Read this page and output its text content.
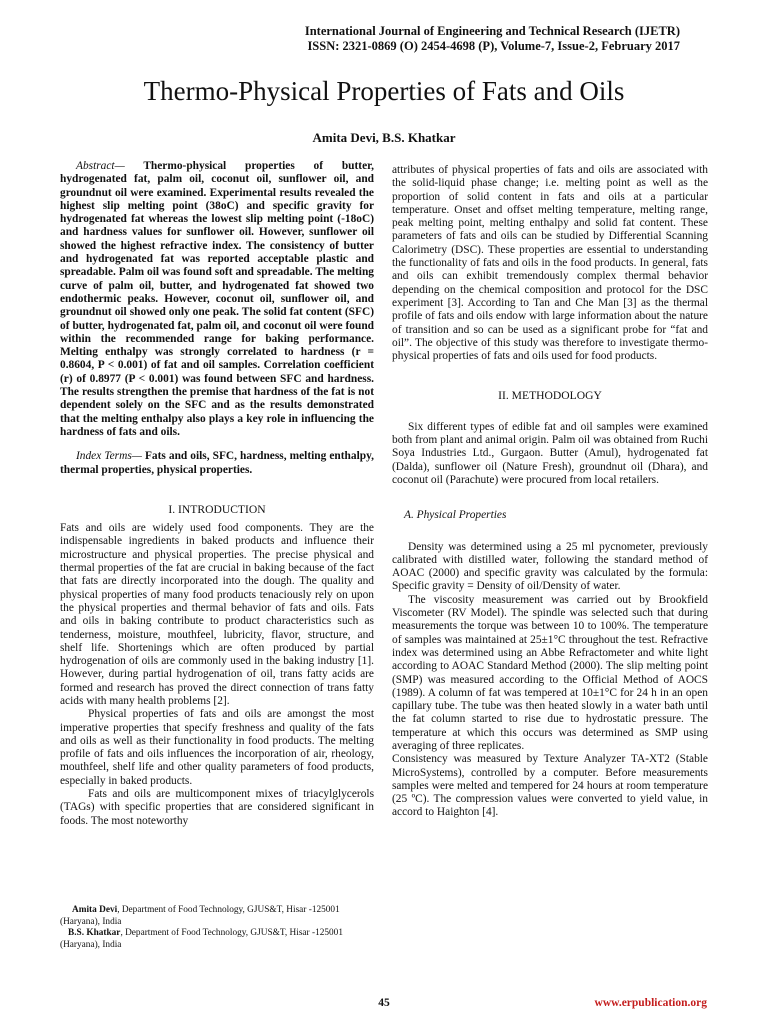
International Journal of Engineering and Technical Research (IJETR)
ISSN: 2321-0869 (O) 2454-4698 (P), Volume-7, Issue-2, February 2017
Thermo-Physical Properties of Fats and Oils
Amita Devi, B.S. Khatkar

Abstract— Thermo-physical properties of butter, hydrogenated fat, palm oil, coconut oil, sunflower oil, and groundnut oil were examined. Experimental results revealed the highest slip melting point (38oC) and specific gravity for hydrogenated fat whereas the lowest slip melting point (-18oC) and hardness values for sunflower oil. However, sunflower oil showed the highest refractive index. The consistency of butter and hydrogenated fat was reported acceptable plastic and spreadable. Palm oil was found soft and spreadable. The melting curve of palm oil, butter, and hydrogenated fat showed two endothermic peaks. However, coconut oil, sunflower oil, and groundnut oil showed only one peak. The solid fat content (SFC) of butter, hydrogenated fat, palm oil, and coconut oil were found within the recommended range for baking performance. Melting enthalpy was strongly correlated to hardness (r = 0.8604, P < 0.001) of fat and oil samples. Correlation coefficient (r) of 0.8977 (P < 0.001) was found between SFC and hardness. The results strengthen the premise that hardness of the fat is not dependent solely on the SFC and as the results demonstrated that the melting enthalpy also plays a key role in influencing the hardness of fats and oils.

Index Terms— Fats and oils, SFC, hardness, melting enthalpy, thermal properties, physical properties.

I. INTRODUCTION

Fats and oils are widely used food components. They are the indispensable ingredients in baked products and influence their microstructure and physical properties. The precise physical and thermal properties of the fat are crucial in baking because of the fact that fats are directly incorporated into the dough. The quality and physical properties of many food products tenaciously rely on upon the physical properties and thermal behavior of fats and oils. Fats and oils in baking contribute to product characteristics such as tenderness, moisture, mouthfeel, lubricity, flavor, structure, and shelf life. Shortenings which are often produced by partial hydrogenation of oils are commonly used in the baking industry [1]. However, during partial hydrogenation of oil, trans fatty acids are formed and research has proved the direct connection of trans fatty acids with many health problems [2].

Physical properties of fats and oils are amongst the most imperative properties that specify freshness and quality of the fats and oils as well as their functionality in food products. The melting profile of fats and oils influences the incorporation of air, rheology, mouthfeel, shelf life and other quality parameters of food products, especially in baked products.

Fats and oils are multicomponent mixes of triacylglycerols (TAGs) with specific properties that are considered significant in foods. The most noteworthy

attributes of physical properties of fats and oils are associated with the solid-liquid phase change; i.e. melting point as well as the proportion of solid content in fats and oils at a particular temperature. Onset and offset melting temperature, melting range, peak melting point, melting enthalpy and solid fat content. These parameters of fats and oils can be studied by Differential Scanning Calorimetry (DSC). These properties are essential to understanding the functionality of fats and oils in the food products. In general, fats and oils can exhibit tremendously complex thermal behavior depending on the chemical composition and protocol for the DSC experiment [3]. According to Tan and Che Man [3] as the thermal profile of fats and oils endow with large information about the nature of transition and so can be used as a significant probe for “fat and oil”. The objective of this study was therefore to investigate thermo-physical properties of fats and oils used for food products.

II. METHODOLOGY

Six different types of edible fat and oil samples were examined both from plant and animal origin. Palm oil was obtained from Ruchi Soya Industries Ltd., Gurgaon. Butter (Amul), hydrogenated fat (Dalda), sunflower oil (Nature Fresh), groundnut oil (Dhara), and coconut oil (Parachute) were procured from local retailers.

A. Physical Properties

Density was determined using a 25 ml pycnometer, previously calibrated with distilled water, following the standard method of AOAC (2000) and specific gravity was calculated by the formula: Specific gravity = Density of oil/Density of water.

The viscosity measurement was carried out by Brookfield Viscometer (RV Model). The spindle was selected such that during measurements the torque was between 10 to 100%. The temperature of samples was maintained at 25±1°C throughout the test. Refractive index was determined using an Abbe Refractometer and white light according to AOAC Standard Method (2000). The slip melting point (SMP) was measured according to the Official Method of AOCS (1989). A column of fat was tempered at 10±1°C for 24 h in an open capillary tube. The tube was then heated slowly in a water bath until the fat column started to rise due to hydrostatic pressure. The temperature at which this occurs was determined as SMP using averaging of three replicates.

Consistency was measured by Texture Analyzer TA-XT2 (Stable MicroSystems), controlled by a computer. Before measurements samples were melted and tempered for 24 hours at room temperature (25 ºC). The compression values were converted to yield value, in accord to Haighton [4].

Amita Devi, Department of Food Technology, GJUS&T, Hisar -125001 (Haryana), India

B.S. Khatkar, Department of Food Technology, GJUS&T, Hisar -125001 (Haryana), India

45	www.erpublication.org
